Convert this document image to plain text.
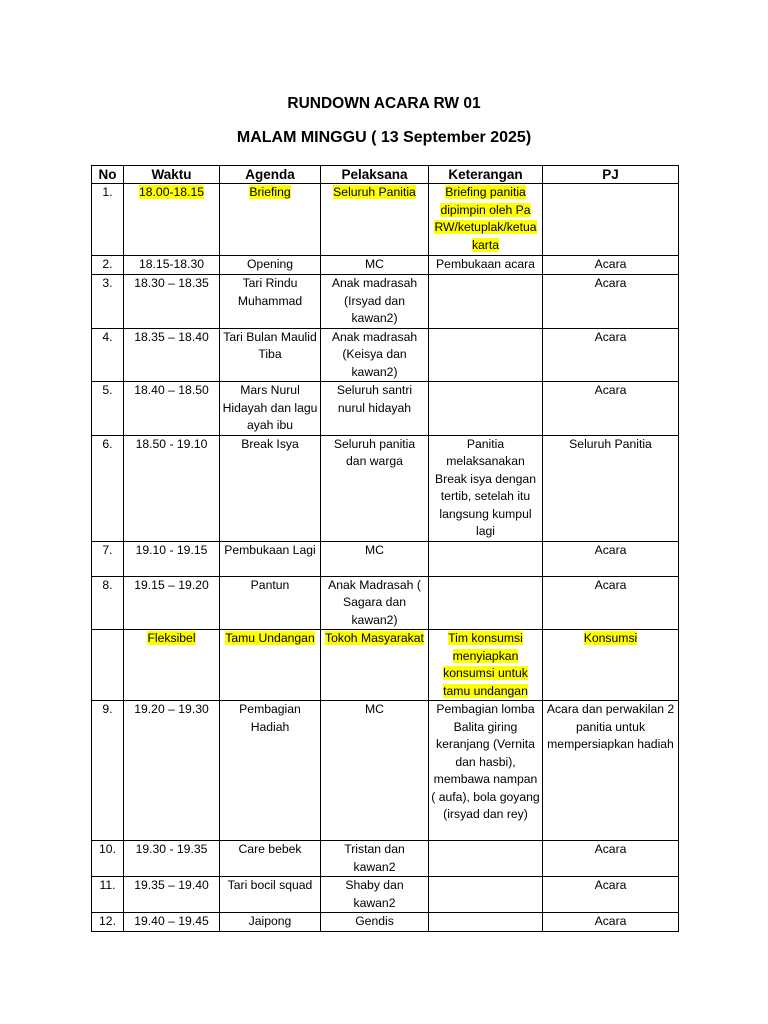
RUNDOWN ACARA RW 01
MALAM MINGGU ( 13 September 2025)
No	Waktu	Agenda	Pelaksana	Keterangan	PJ
1.	18.00-18.15	Briefing	Seluruh Panitia	Briefing panitia dipimpin oleh Pa RW/ketuplak/ketua karta	
2.	18.15-18.30	Opening	MC	Pembukaan acara	Acara
3.	18.30 – 18.35	Tari Rindu Muhammad	Anak madrasah (Irsyad dan kawan2)		Acara
4.	18.35 – 18.40	Tari Bulan Maulid Tiba	Anak madrasah (Keisya dan kawan2)		Acara
5.	18.40 – 18.50	Mars Nurul Hidayah dan lagu ayah ibu	Seluruh santri nurul hidayah		Acara
6.	18.50 - 19.10	Break Isya	Seluruh panitia dan warga	Panitia melaksanakan Break isya dengan tertib, setelah itu langsung kumpul lagi	Seluruh Panitia
7.	19.10 - 19.15	Pembukaan Lagi	MC		Acara
8.	19.15 – 19.20	Pantun	Anak Madrasah ( Sagara dan kawan2)		Acara
	Fleksibel	Tamu Undangan	Tokoh Masyarakat	Tim konsumsi menyiapkan konsumsi untuk tamu undangan	Konsumsi
9.	19.20 – 19.30	Pembagian Hadiah	MC	Pembagian lomba Balita giring keranjang (Vernita dan hasbi), membawa nampan ( aufa), bola goyang (irsyad dan rey)	Acara dan perwakilan 2 panitia untuk mempersiapkan hadiah
10.	19.30 - 19.35	Care bebek	Tristan dan kawan2		Acara
11.	19.35 – 19.40	Tari bocil squad	Shaby dan kawan2		Acara
12.	19.40 – 19.45	Jaipong	Gendis		Acara
